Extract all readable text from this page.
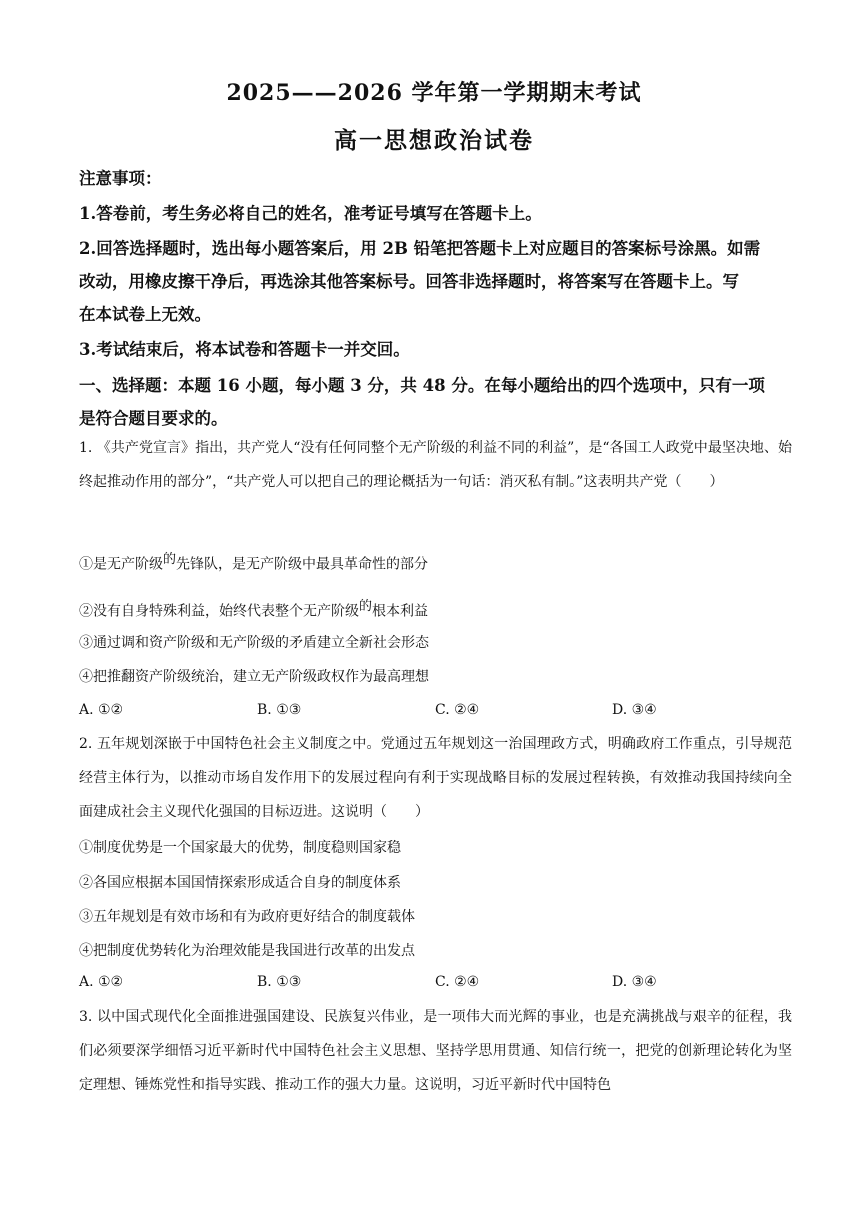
2025——2026 学年第一学期期末考试
高一思想政治试卷
注意事项：
1.答卷前，考生务必将自己的姓名，准考证号填写在答题卡上。
2.回答选择题时，选出每小题答案后，用 2B 铅笔把答题卡上对应题目的答案标号涂黑。如需
改动，用橡皮擦干净后，再选涂其他答案标号。回答非选择题时，将答案写在答题卡上。写
在本试卷上无效。
3.考试结束后，将本试卷和答题卡一并交回。
一、选择题：本题 16 小题，每小题 3 分，共 48 分。在每小题给出的四个选项中，只有一项
是符合题目要求的。
1. 《共产党宣言》指出，共产党人“没有任何同整个无产阶级的利益不同的利益”，是“各国工人政党中最坚决地、始终起推动作用的部分”，“共产党人可以把自己的理论概括为一句话：消灭私有制。”这表明共产党（　　）
①是无产阶级$^的$先锋队，是无产阶级中最具革命性的部分
②没有自身特殊利益，始终代表整个无产阶级$^的$根本利益
③通过调和资产阶级和无产阶级的矛盾建立全新社会形态
④把推翻资产阶级统治，建立无产阶级政权作为最高理想
A. ①②	B. ①③	C. ②④	D. ③④
2. 五年规划深嵌于中国特色社会主义制度之中。党通过五年规划这一治国理政方式，明确政府工作重点，引导规范经营主体行为，以推动市场自发作用下的发展过程向有利于实现战略目标的发展过程转换，有效推动我国持续向全面建成社会主义现代化强国的目标迈进。这说明（　　）
①制度优势是一个国家最大的优势，制度稳则国家稳
②各国应根据本国国情探索形成适合自身的制度体系
③五年规划是有效市场和有为政府更好结合的制度载体
④把制度优势转化为治理效能是我国进行改革的出发点
A. ①②	B. ①③	C. ②④	D. ③④
3. 以中国式现代化全面推进强国建设、民族复兴伟业，是一项伟大而光辉的事业，也是充满挑战与艰辛的征程，我们必须要深学细悟习近平新时代中国特色社会主义思想、坚持学思用贯通、知信行统一，把党的创新理论转化为坚定理想、锤炼党性和指导实践、推动工作的强大力量。这说明，习近平新时代中国特色
